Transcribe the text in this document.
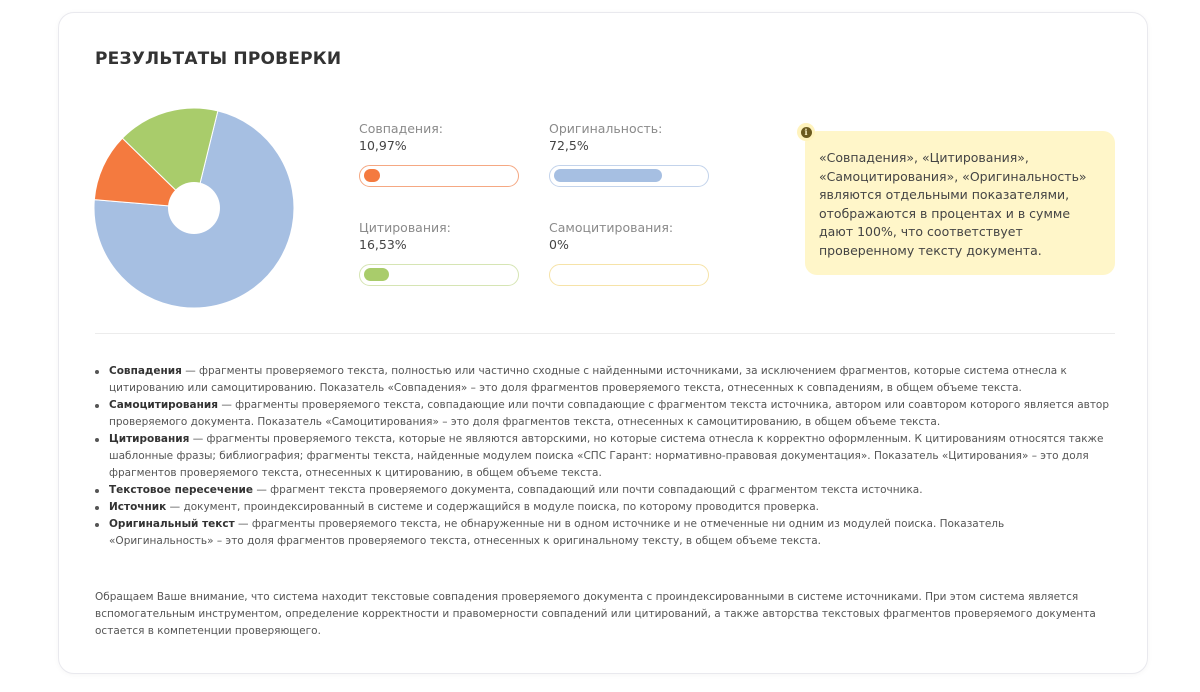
РЕЗУЛЬТАТЫ ПРОВЕРКИ
Совпадения:
10,97%
Оригинальность:
72,5%
Цитирования:
16,53%
Самоцитирования:
0%
i
«Совпадения», «Цитирования», «Самоцитирования», «Оригинальность» являются отдельными показателями, отображаются в процентах и в сумме дают 100%, что соответствует проверенному тексту документа.
Совпадения — фрагменты проверяемого текста, полностью или частично сходные с найденными источниками, за исключением фрагментов, которые система отнесла к цитированию или самоцитированию. Показатель «Совпадения» – это доля фрагментов проверяемого текста, отнесенных к совпадениям, в общем объеме текста.
Самоцитирования — фрагменты проверяемого текста, совпадающие или почти совпадающие с фрагментом текста источника, автором или соавтором которого является автор проверяемого документа. Показатель «Самоцитирования» – это доля фрагментов текста, отнесенных к самоцитированию, в общем объеме текста.
Цитирования — фрагменты проверяемого текста, которые не являются авторскими, но которые система отнесла к корректно оформленным. К цитированиям относятся также шаблонные фразы; библиография; фрагменты текста, найденные модулем поиска «СПС Гарант: нормативно-правовая документация». Показатель «Цитирования» – это доля фрагментов проверяемого текста, отнесенных к цитированию, в общем объеме текста.
Текстовое пересечение — фрагмент текста проверяемого документа, совпадающий или почти совпадающий с фрагментом текста источника.
Источник — документ, проиндексированный в системе и содержащийся в модуле поиска, по которому проводится проверка.
Оригинальный текст — фрагменты проверяемого текста, не обнаруженные ни в одном источнике и не отмеченные ни одним из модулей поиска. Показатель «Оригинальность» – это доля фрагментов проверяемого текста, отнесенных к оригинальному тексту, в общем объеме текста.

Обращаем Ваше внимание, что система находит текстовые совпадения проверяемого документа с проиндексированными в системе источниками. При этом система является вспомогательным инструментом, определение корректности и правомерности совпадений или цитирований, а также авторства текстовых фрагментов проверяемого документа остается в компетенции проверяющего.
